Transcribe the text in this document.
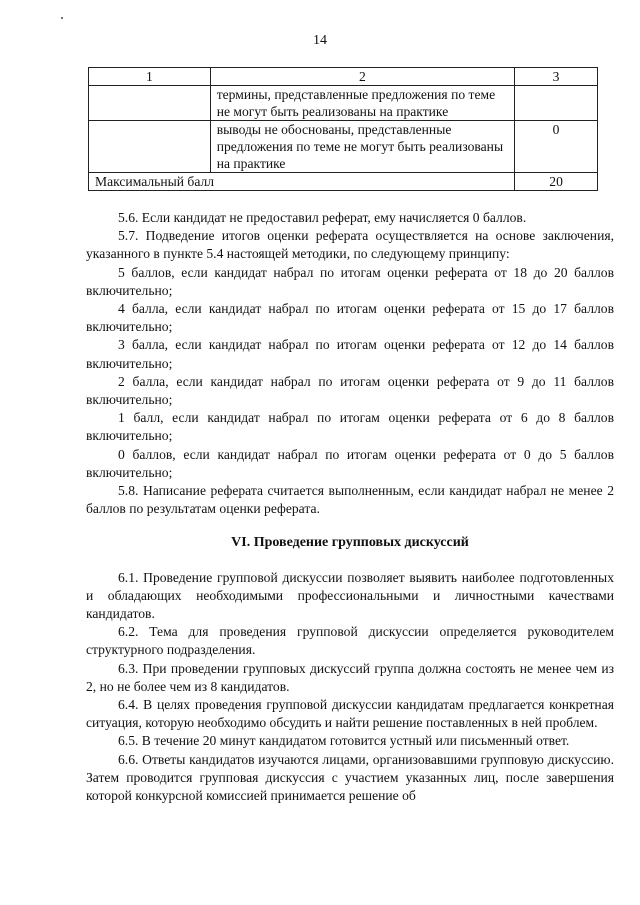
14
1	2	3
	термины, представленные предложения по теме не могут быть реализованы на практике	
	выводы не обоснованы, представленные предложения по теме не могут быть реализованы на практике	0
Максимальный балл		20

5.6. Если кандидат не предоставил реферат, ему начисляется 0 баллов.

5.7. Подведение итогов оценки реферата осуществляется на основе заключения, указанного в пункте 5.4 настоящей методики, по следующему принципу:

5 баллов, если кандидат набрал по итогам оценки реферата от 18 до 20 баллов включительно;

4 балла, если кандидат набрал по итогам оценки реферата от 15 до 17 баллов включительно;

3 балла, если кандидат набрал по итогам оценки реферата от 12 до 14 баллов включительно;

2 балла, если кандидат набрал по итогам оценки реферата от 9 до 11 баллов включительно;

1 балл, если кандидат набрал по итогам оценки реферата от 6 до 8 баллов включительно;

0 баллов, если кандидат набрал по итогам оценки реферата от 0 до 5 баллов включительно;

5.8. Написание реферата считается выполненным, если кандидат набрал не менее 2 баллов по результатам оценки реферата.

VI. Проведение групповых дискуссий

6.1. Проведение групповой дискуссии позволяет выявить наиболее подготовленных и обладающих необходимыми профессиональными и личностными качествами кандидатов.

6.2. Тема для проведения групповой дискуссии определяется руководителем структурного подразделения.

6.3. При проведении групповых дискуссий группа должна состоять не менее чем из 2, но не более чем из 8 кандидатов.

6.4. В целях проведения групповой дискуссии кандидатам предлагается конкретная ситуация, которую необходимо обсудить и найти решение поставленных в ней проблем.

6.5. В течение 20 минут кандидатом готовится устный или письменный ответ.

6.6. Ответы кандидатов изучаются лицами, организовавшими групповую дискуссию. Затем проводится групповая дискуссия с участием указанных лиц, после завершения которой конкурсной комиссией принимается решение об
